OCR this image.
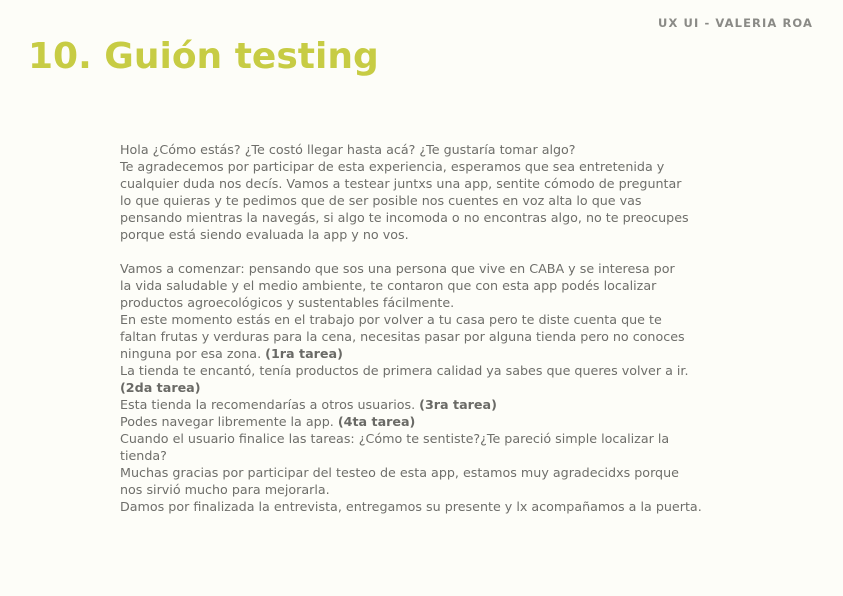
UX UI - VALERIA ROA
10. Guión testing
Hola ¿Cómo estás? ¿Te costó llegar hasta acá? ¿Te gustaría tomar algo?
Te agradecemos por participar de esta experiencia, esperamos que sea entretenida y
cualquier duda nos decís. Vamos a testear juntxs una app, sentite cómodo de preguntar
lo que quieras y te pedimos que de ser posible nos cuentes en voz alta lo que vas
pensando mientras la navegás, si algo te incomoda o no encontras algo, no te preocupes
porque está siendo evaluada la app y no vos.
Vamos a comenzar: pensando que sos una persona que vive en CABA y se interesa por
la vida saludable y el medio ambiente, te contaron que con esta app podés localizar
productos agroecológicos y sustentables fácilmente.
En este momento estás en el trabajo por volver a tu casa pero te diste cuenta que te
faltan frutas y verduras para la cena, necesitas pasar por alguna tienda pero no conoces
ninguna por esa zona. (1ra tarea)
La tienda te encantó, tenía productos de primera calidad ya sabes que queres volver a ir.
(2da tarea)
Esta tienda la recomendarías a otros usuarios. (3ra tarea)
Podes navegar libremente la app. (4ta tarea)
Cuando el usuario finalice las tareas: ¿Cómo te sentiste?¿Te pareció simple localizar la
tienda?
Muchas gracias por participar del testeo de esta app, estamos muy agradecidxs porque
nos sirvió mucho para mejorarla.
Damos por finalizada la entrevista, entregamos su presente y lx acompañamos a la puerta.
